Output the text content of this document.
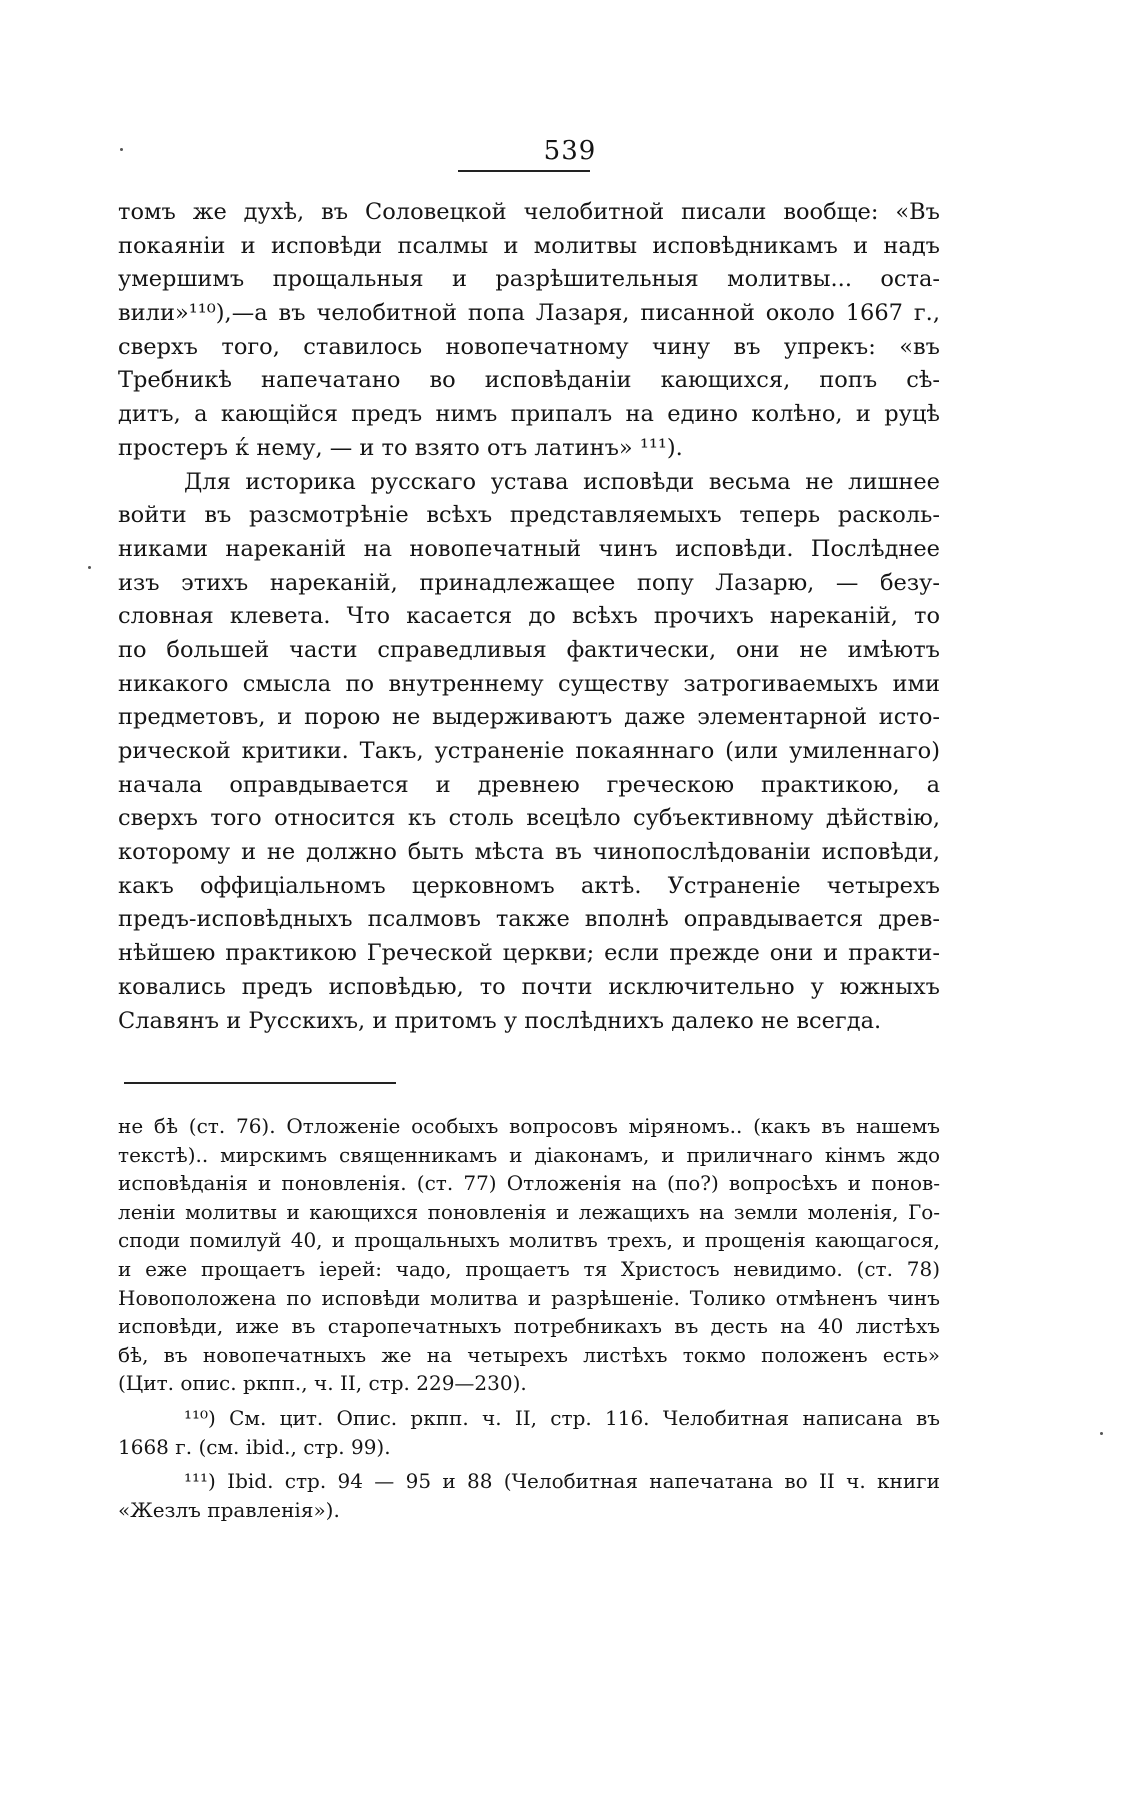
539
томъ же духѣ, въ Соловецкой челобитной писали вообще: «Въ
покаяніи и исповѣди псалмы и молитвы исповѣдникамъ и надъ
умершимъ прощальныя и разрѣшительныя молитвы... оста-
вили»¹¹⁰),—а въ челобитной попа Лазаря, писанной около 1667 г.,
сверхъ того, ставилось новопечатному чину въ упрекъ: «въ
Требникѣ напечатано во исповѣданіи кающихся, попъ сѣ-
дитъ, а кающійся предъ нимъ припалъ на едино колѣно, и руцѣ
простеръ ќ нему, — и то взято отъ латинъ» ¹¹¹).
Для историка русскаго устава исповѣди весьма не лишнее
войти въ разсмотрѣніе всѣхъ представляемыхъ теперь расколь-
никами нареканій на новопечатный чинъ исповѣди. Послѣднее
изъ этихъ нареканій, принадлежащее попу Лазарю, — безу-
словная клевета. Что касается до всѣхъ прочихъ нареканій, то
по большей части справедливыя фактически, они не имѣютъ
никакого смысла по внутреннему существу затрогиваемыхъ ими
предметовъ, и порою не выдерживаютъ даже элементарной исто-
рической критики. Такъ, устраненіе покаяннаго (или умиленнаго)
начала оправдывается и древнею греческою практикою, а
сверхъ того относится къ столь всецѣло субъективному дѣйствію,
которому и не должно быть мѣста въ чинопослѣдованіи исповѣди,
какъ оффиціальномъ церковномъ актѣ. Устраненіе четырехъ
предъ-исповѣдныхъ псалмовъ также вполнѣ оправдывается древ-
нѣйшею практикою Греческой церкви; если прежде они и практи-
ковались предъ исповѣдью, то почти исключительно у южныхъ
Славянъ и Русскихъ, и притомъ у послѣднихъ далеко не всегда.
не бѣ (ст. 76). Отложеніе особыхъ вопросовъ міряномъ.. (какъ въ нашемъ
текстѣ).. мирскимъ священникамъ и діаконамъ, и приличнаго кінмъ ждо
исповѣданія и поновленія. (ст. 77) Отложенія на (по?) вопросѣхъ и понов-
леніи молитвы и кающихся поновленія и лежащихъ на земли моленія, Го-
споди помилуй 40, и прощальныхъ молитвъ трехъ, и прощенія кающагося,
и еже прощаетъ іерей: чадо, прощаетъ тя Христосъ невидимо. (ст. 78)
Новоположена по исповѣди молитва и разрѣшеніе. Толико отмѣненъ чинъ
исповѣди, иже въ старопечатныхъ потребникахъ въ десть на 40 листѣхъ
бѣ, въ новопечатныхъ же на четырехъ листѣхъ токмо положенъ есть»
(Цит. опис. ркпп., ч. II, стр. 229—230).
¹¹⁰) См. цит. Опис. ркпп. ч. II, стр. 116. Челобитная написана въ
1668 г. (см. ibid., стр. 99).
¹¹¹) Ibid. стр. 94 — 95 и 88 (Челобитная напечатана во II ч. книги
«Жезлъ правленія»).
